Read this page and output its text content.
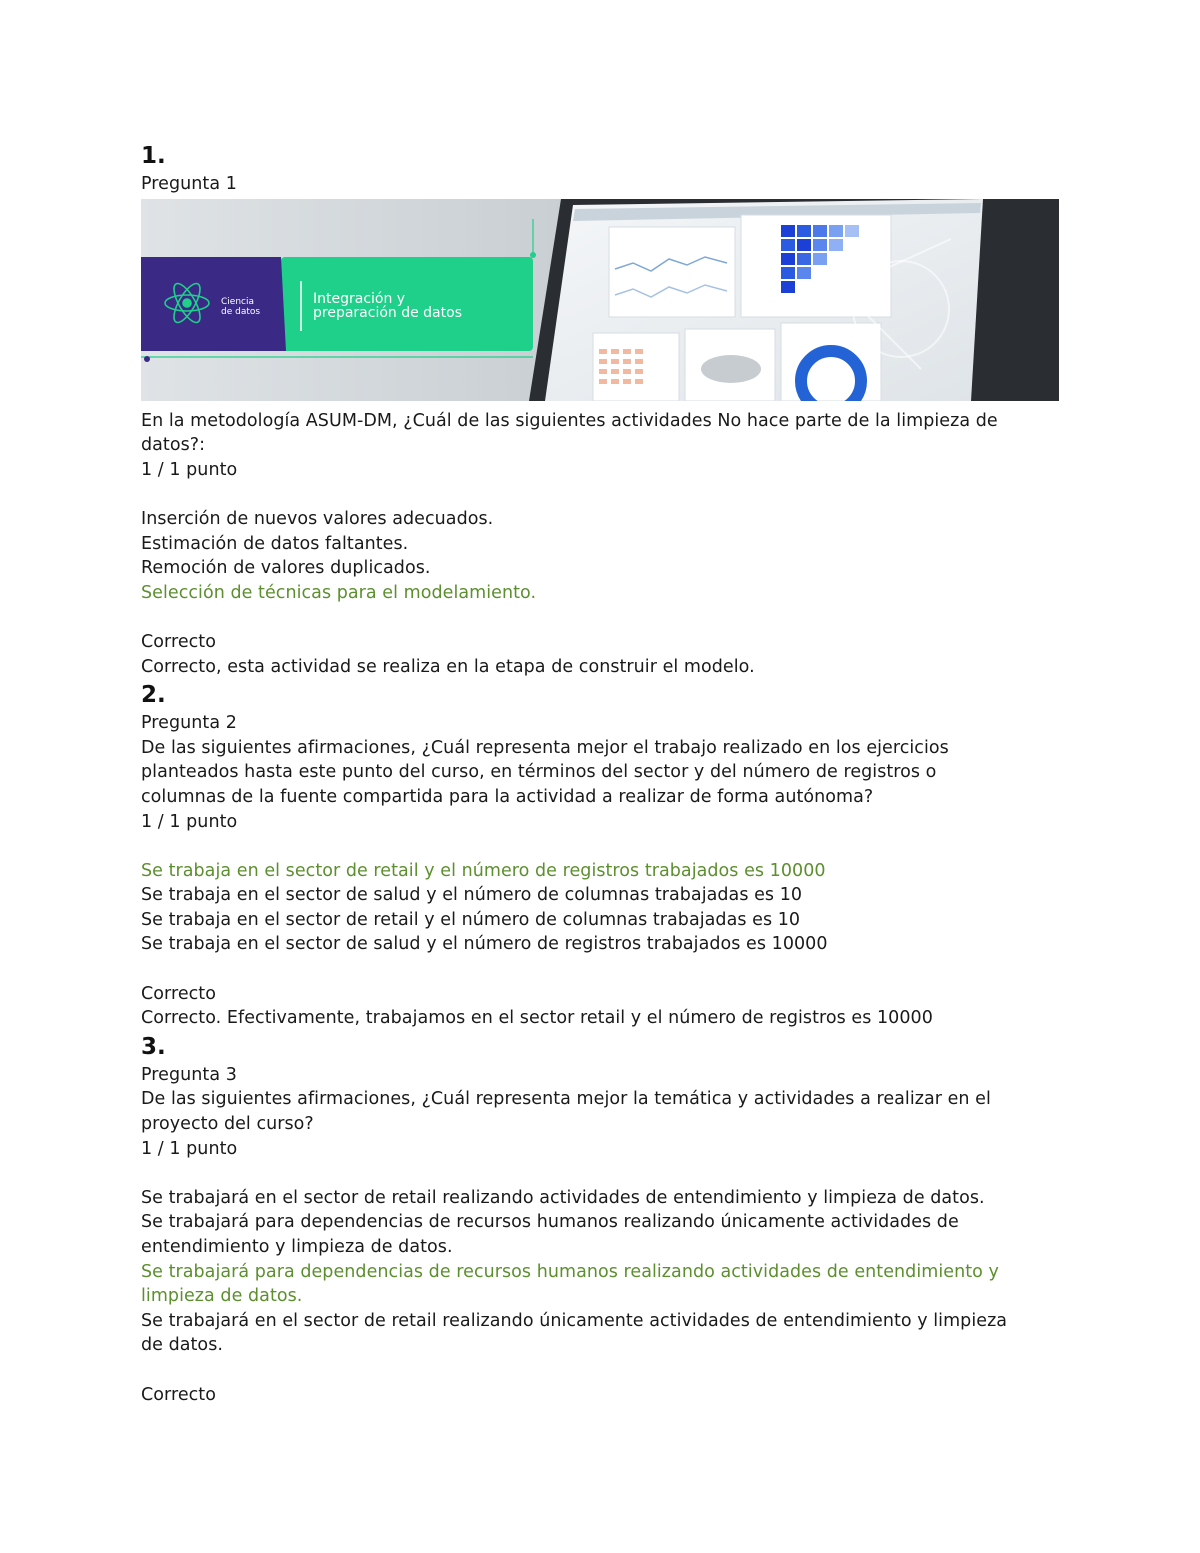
1.
Pregunta 1
Ciencia
de datos
Integración y
preparación de datos
En la metodología ASUM-DM, ¿Cuál de las siguientes actividades No hace parte de la limpieza de
datos?:
1 / 1 punto
Inserción de nuevos valores adecuados.
Estimación de datos faltantes.
Remoción de valores duplicados.
Selección de técnicas para el modelamiento.
Correcto
Correcto, esta actividad se realiza en la etapa de construir el modelo.
2.
Pregunta 2
De las siguientes afirmaciones, ¿Cuál representa mejor el trabajo realizado en los ejercicios
planteados hasta este punto del curso, en términos del sector y del número de registros o
columnas de la fuente compartida para la actividad a realizar de forma autónoma?
1 / 1 punto
Se trabaja en el sector de retail y el número de registros trabajados es 10000
Se trabaja en el sector de salud y el número de columnas trabajadas es 10
Se trabaja en el sector de retail y el número de columnas trabajadas es 10
Se trabaja en el sector de salud y el número de registros trabajados es 10000
Correcto
Correcto. Efectivamente, trabajamos en el sector retail y el número de registros es 10000
3.
Pregunta 3
De las siguientes afirmaciones, ¿Cuál representa mejor la temática y actividades a realizar en el
proyecto del curso?
1 / 1 punto
Se trabajará en el sector de retail realizando actividades de entendimiento y limpieza de datos.
Se trabajará para dependencias de recursos humanos realizando únicamente actividades de
entendimiento y limpieza de datos.
Se trabajará para dependencias de recursos humanos realizando actividades de entendimiento y
limpieza de datos.
Se trabajará en el sector de retail realizando únicamente actividades de entendimiento y limpieza
de datos.
Correcto
